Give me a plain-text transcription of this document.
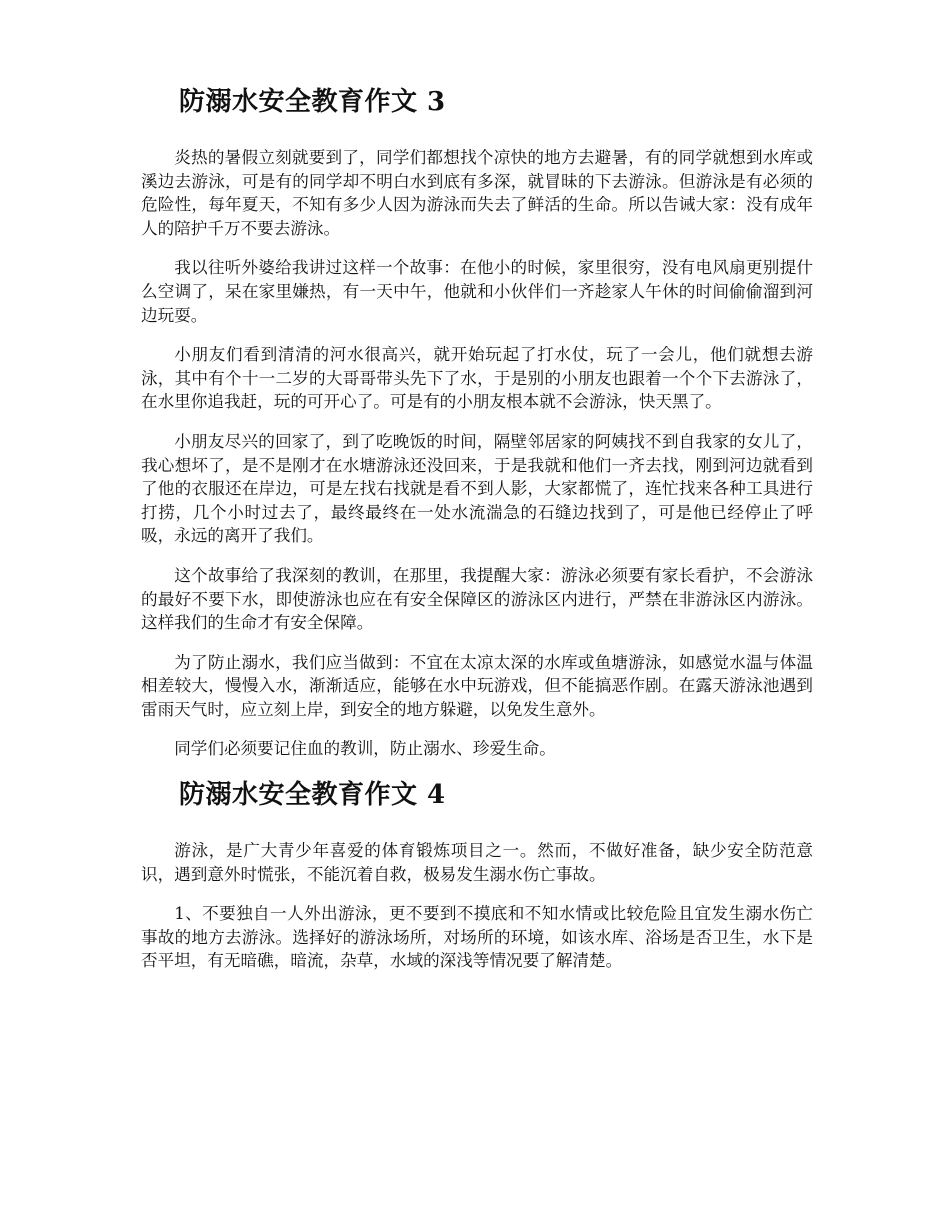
防溺水安全教育作文 3

炎热的暑假立刻就要到了，同学们都想找个凉快的地方去避暑，有的同学就想到水库或溪边去游泳，可是有的同学却不明白水到底有多深，就冒昧的下去游泳。但游泳是有必须的危险性，每年夏天，不知有多少人因为游泳而失去了鲜活的生命。所以告诫大家：没有成年人的陪护千万不要去游泳。

我以往听外婆给我讲过这样一个故事：在他小的时候，家里很穷，没有电风扇更别提什么空调了，呆在家里嫌热，有一天中午，他就和小伙伴们一齐趁家人午休的时间偷偷溜到河边玩耍。

小朋友们看到清清的河水很高兴，就开始玩起了打水仗，玩了一会儿，他们就想去游泳，其中有个十一二岁的大哥哥带头先下了水，于是别的小朋友也跟着一个个下去游泳了，在水里你追我赶，玩的可开心了。可是有的小朋友根本就不会游泳，快天黑了。

小朋友尽兴的回家了，到了吃晚饭的时间，隔壁邻居家的阿姨找不到自我家的女儿了，我心想坏了，是不是刚才在水塘游泳还没回来，于是我就和他们一齐去找，刚到河边就看到了他的衣服还在岸边，可是左找右找就是看不到人影，大家都慌了，连忙找来各种工具进行打捞，几个小时过去了，最终最终在一处水流湍急的石缝边找到了，可是他已经停止了呼吸，永远的离开了我们。

这个故事给了我深刻的教训，在那里，我提醒大家：游泳必须要有家长看护，不会游泳的最好不要下水，即使游泳也应在有安全保障区的游泳区内进行，严禁在非游泳区内游泳。这样我们的生命才有安全保障。

为了防止溺水，我们应当做到：不宜在太凉太深的水库或鱼塘游泳，如感觉水温与体温相差较大，慢慢入水，渐渐适应，能够在水中玩游戏，但不能搞恶作剧。在露天游泳池遇到雷雨天气时，应立刻上岸，到安全的地方躲避，以免发生意外。

同学们必须要记住血的教训，防止溺水、珍爱生命。

防溺水安全教育作文 4

游泳，是广大青少年喜爱的体育锻炼项目之一。然而，不做好准备，缺少安全防范意识，遇到意外时慌张，不能沉着自救，极易发生溺水伤亡事故。

1、不要独自一人外出游泳，更不要到不摸底和不知水情或比较危险且宜发生溺水伤亡事故的地方去游泳。选择好的游泳场所，对场所的环境，如该水库、浴场是否卫生，水下是否平坦，有无暗礁，暗流，杂草，水域的深浅等情况要了解清楚。
